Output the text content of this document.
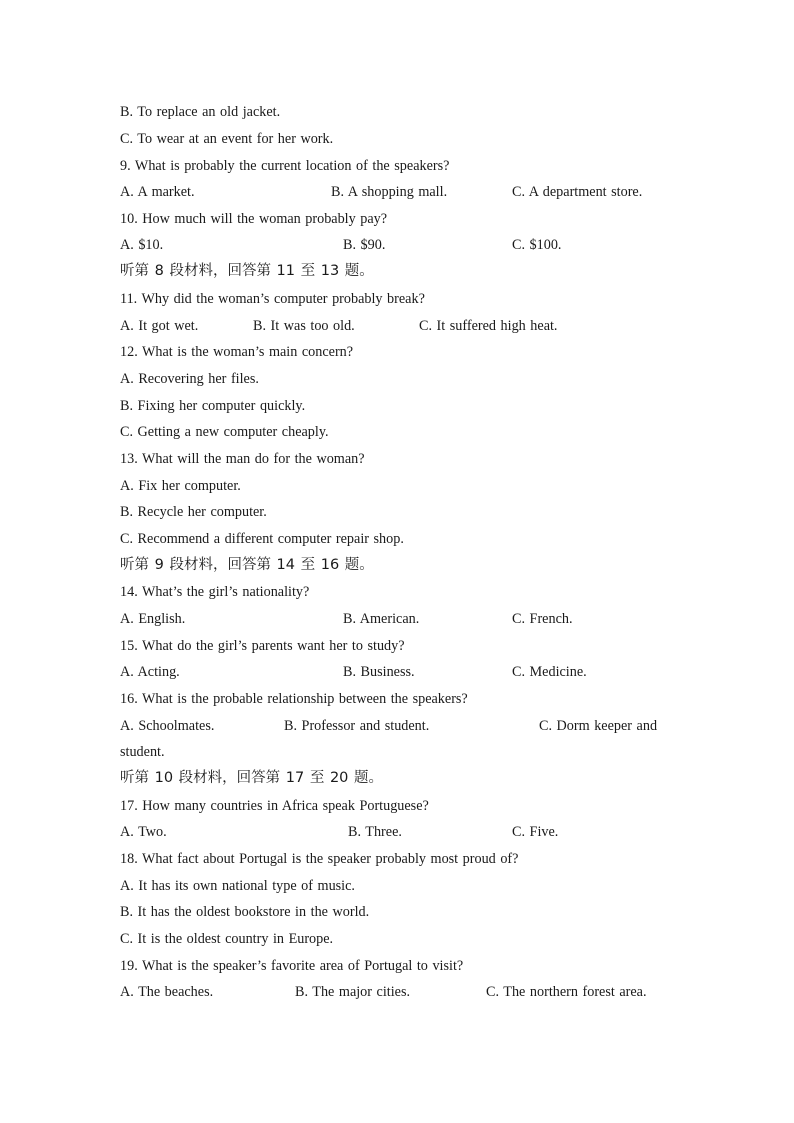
B. To replace an old jacket.
C. To wear at an event for her work.
9. What is probably the current location of the speakers?
A. A market.	B. A shopping mall.	C. A department store.
10. How much will the woman probably pay?
A. $10.	B. $90.	C. $100.
听第 8 段材料，回答第 11 至 13 题。
11. Why did the woman’s computer probably break?
A. It got wet.	B. It was too old.	C. It suffered high heat.
12. What is the woman’s main concern?
A. Recovering her files.
B. Fixing her computer quickly.
C. Getting a new computer cheaply.
13. What will the man do for the woman?
A. Fix her computer.
B. Recycle her computer.
C. Recommend a different computer repair shop.
听第 9 段材料，回答第 14 至 16 题。
14. What’s the girl’s nationality?
A. English.	B. American.	C. French.
15. What do the girl’s parents want her to study?
A. Acting.	B. Business.	C. Medicine.
16. What is the probable relationship between the speakers?
A. Schoolmates.	B. Professor and student.	C. Dorm keeper and
student.
听第 10 段材料，回答第 17 至 20 题。
17. How many countries in Africa speak Portuguese?
A. Two.	B. Three.	C. Five.
18. What fact about Portugal is the speaker probably most proud of?
A. It has its own national type of music.
B. It has the oldest bookstore in the world.
C. It is the oldest country in Europe.
19. What is the speaker’s favorite area of Portugal to visit?
A. The beaches.	B. The major cities.	C. The northern forest area.
